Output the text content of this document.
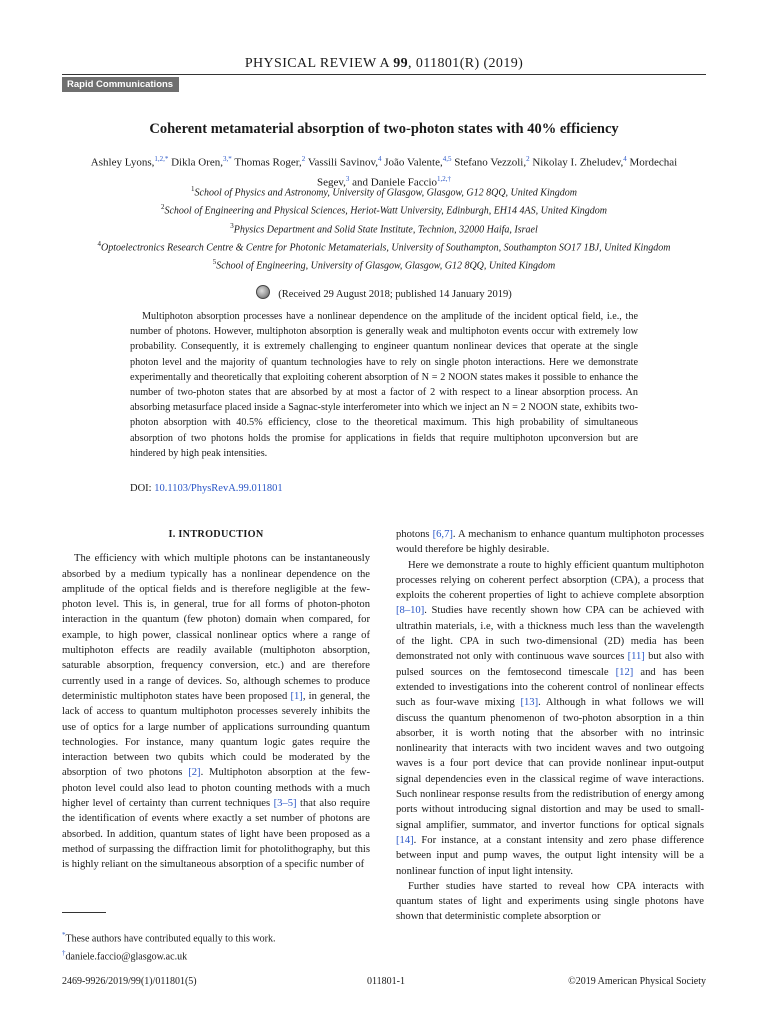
PHYSICAL REVIEW A 99, 011801(R) (2019)
Rapid Communications
Coherent metamaterial absorption of two-photon states with 40% efficiency
Ashley Lyons,$^{1,2,*}$ Dikla Oren,$^{3,*}$ Thomas Roger,$^2$ Vassili Savinov,$^4$ João Valente,$^{4,5}$ Stefano Vezzoli,$^2$ Nikolay I. Zheludev,$^4$ Mordechai Segev,$^3$ and Daniele Faccio$^{1,2,\dagger}$
$^1$School of Physics and Astronomy, University of Glasgow, Glasgow, G12 8QQ, United Kingdom
$^2$School of Engineering and Physical Sciences, Heriot-Watt University, Edinburgh, EH14 4AS, United Kingdom
$^3$Physics Department and Solid State Institute, Technion, 32000 Haifa, Israel
$^4$Optoelectronics Research Centre & Centre for Photonic Metamaterials, University of Southampton, Southampton SO17 1BJ, United Kingdom
$^5$School of Engineering, University of Glasgow, Glasgow, G12 8QQ, United Kingdom
(Received 29 August 2018; published 14 January 2019)
Multiphoton absorption processes have a nonlinear dependence on the amplitude of the incident optical field, i.e., the number of photons. However, multiphoton absorption is generally weak and multiphoton events occur with extremely low probability. Consequently, it is extremely challenging to engineer quantum nonlinear devices that operate at the single photon level and the majority of quantum technologies have to rely on single photon interactions. Here we demonstrate experimentally and theoretically that exploiting coherent absorption of N = 2 NOON states makes it possible to enhance the number of two-photon states that are absorbed by at most a factor of 2 with respect to a linear absorption process. An absorbing metasurface placed inside a Sagnac-style interferometer into which we inject an N = 2 NOON state, exhibits two-photon absorption with 40.5% efficiency, close to the theoretical maximum. This high probability of simultaneous absorption of two photons holds the promise for applications in fields that require multiphoton upconversion but are hindered by high peak intensities.
DOI: 10.1103/PhysRevA.99.011801
I. INTRODUCTION

The efficiency with which multiple photons can be instantaneously absorbed by a medium typically has a nonlinear dependence on the amplitude of the optical fields and is therefore negligible at the few-photon level. This is, in general, true for all forms of photon-photon interaction in the quantum (few photon) domain when compared, for example, to high power, classical nonlinear optics where a range of multiphoton effects are readily available (multiphoton absorption, saturable absorption, frequency conversion, etc.) and are therefore currently used in a range of devices. So, although schemes to produce deterministic multiphoton states have been proposed [1], in general, the lack of access to quantum multiphoton processes severely inhibits the use of optics for a large number of applications surrounding quantum technologies. For instance, many quantum logic gates require the interaction between two qubits which could be moderated by the absorption of two photons [2]. Multiphoton absorption at the few-photon level could also lead to photon counting methods with a much higher level of certainty than current techniques [3–5] that also require the identification of events where exactly a set number of photons are absorbed. In addition, quantum states of light have been proposed as a method of surpassing the diffraction limit for photolithography, but this is highly reliant on the simultaneous absorption of a specific number of

photons [6,7]. A mechanism to enhance quantum multiphoton processes would therefore be highly desirable.

Here we demonstrate a route to highly efficient quantum multiphoton processes relying on coherent perfect absorption (CPA), a process that exploits the coherent properties of light to achieve complete absorption [8–10]. Studies have recently shown how CPA can be achieved with ultrathin materials, i.e, with a thickness much less than the wavelength of the light. CPA in such two-dimensional (2D) media has been demonstrated not only with continuous wave sources [11] but also with pulsed sources on the femtosecond timescale [12] and has been extended to investigations into the coherent control of nonlinear effects such as four-wave mixing [13]. Although in what follows we will discuss the quantum phenomenon of two-photon absorption in a thin absorber, it is worth noting that the absorber with no intrinsic nonlinearity that interacts with two incident waves and two outgoing waves is a four port device that can provide nonlinear input-output signal dependencies even in the classical regime of wave interactions. Such nonlinear response results from the redistribution of energy among ports without introducing signal distortion and may be used to small-signal amplifier, summator, and invertor functions for optical signals [14]. For instance, at a constant intensity and zero phase difference between input and pump waves, the output light intensity will be a nonlinear function of input light intensity.

Further studies have started to reveal how CPA interacts with quantum states of light and experiments using single photons have shown that deterministic complete absorption or

*These authors have contributed equally to this work.
†daniele.faccio@glasgow.ac.uk
2469-9926/2019/99(1)/011801(5)	011801-1	©2019 American Physical Society
